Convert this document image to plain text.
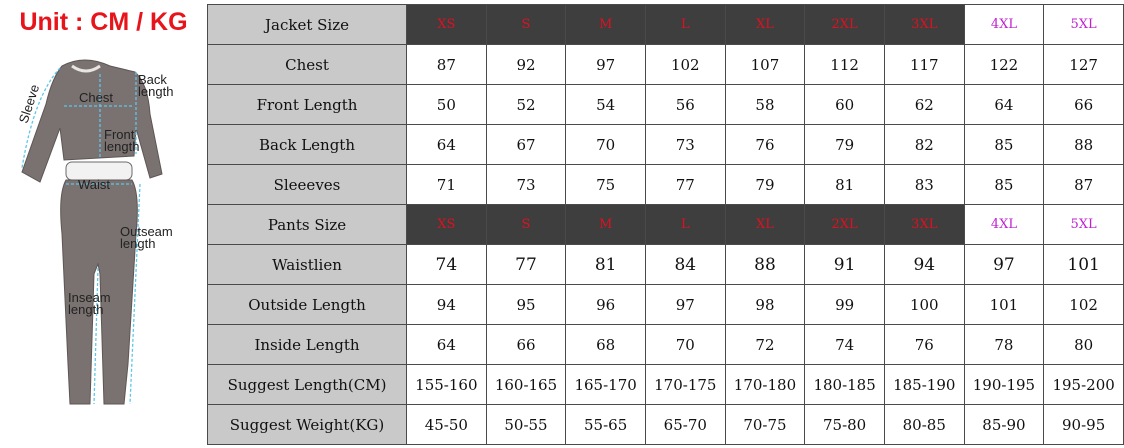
Unit : CM / KG
Sleeve	Chest
Back
length
Front
length
Waist
Outseam
length
Inseam
length
Jacket Size	XS	S	M	L	XL	2XL	3XL	4XL	5XL
Chest	87	92	97	102	107	112	117	122	127
Front Length	50	52	54	56	58	60	62	64	66
Back Length	64	67	70	73	76	79	82	85	88
Sleeeves	71	73	75	77	79	81	83	85	87
Pants Size	XS	S	M	L	XL	2XL	3XL	4XL	5XL
Waistlien	74	77	81	84	88	91	94	97	101
Outside Length	94	95	96	97	98	99	100	101	102
Inside Length	64	66	68	70	72	74	76	78	80
Suggest Length(CM)	155-160	160-165	165-170	170-175	170-180	180-185	185-190	190-195	195-200
Suggest Weight(KG)	45-50	50-55	55-65	65-70	70-75	75-80	80-85	85-90	90-95
